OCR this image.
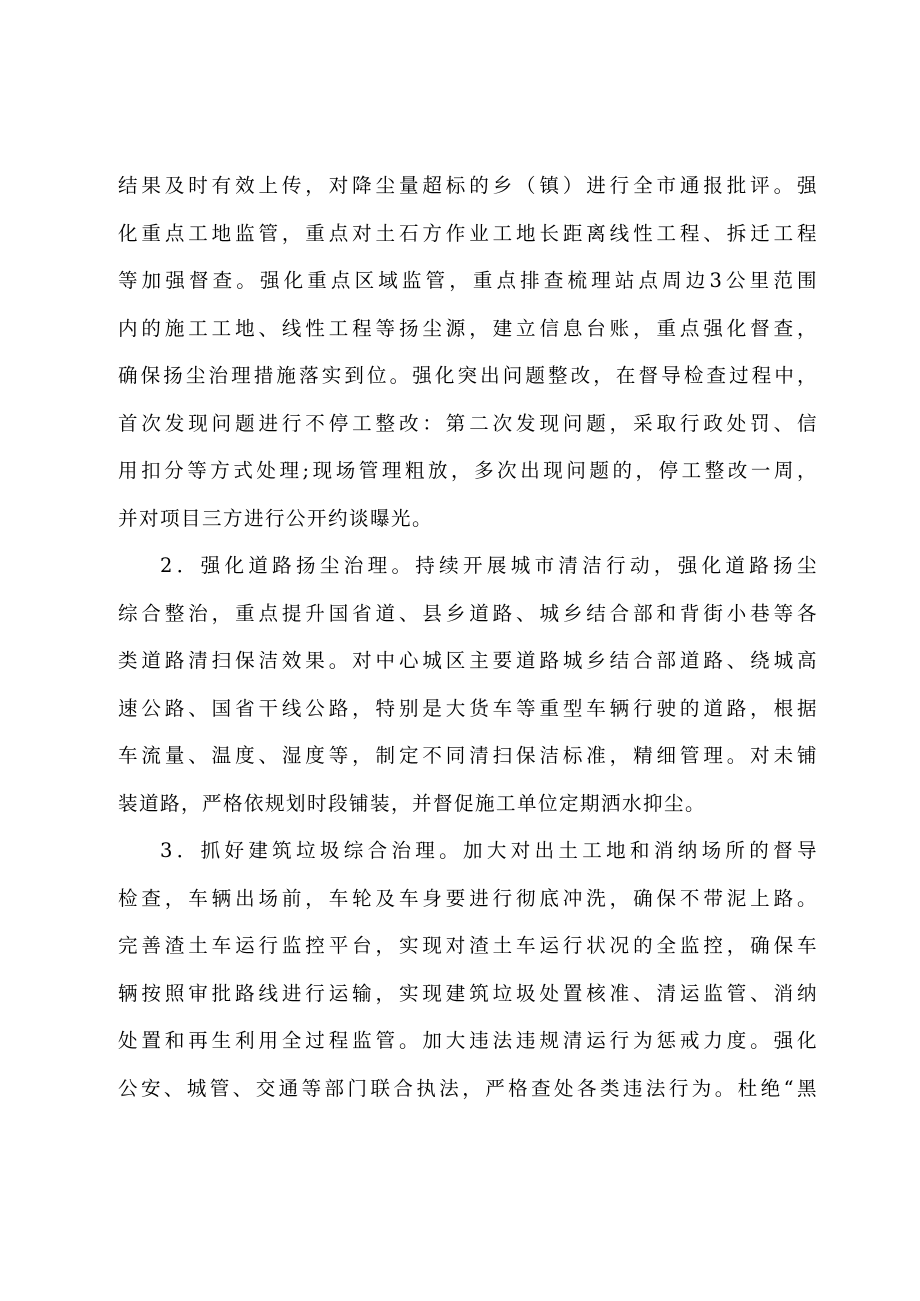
结果及时有效上传，对降尘量超标的乡（镇）进行全市通报批评。强
化重点工地监管，重点对土石方作业工地长距离线性工程、拆迁工程
等加强督查。强化重点区域监管，重点排查梳理站点周边3公里范围
内的施工工地、线性工程等扬尘源，建立信息台账，重点强化督查，
确保扬尘治理措施落实到位。强化突出问题整改，在督导检查过程中，
首次发现问题进行不停工整改：第二次发现问题，采取行政处罚、信
用扣分等方式处理;现场管理粗放，多次出现问题的，停工整改一周，
并对项目三方进行公开约谈曝光。
2．强化道路扬尘治理。持续开展城市清洁行动，强化道路扬尘
综合整治，重点提升国省道、县乡道路、城乡结合部和背街小巷等各
类道路清扫保洁效果。对中心城区主要道路城乡结合部道路、绕城高
速公路、国省干线公路，特别是大货车等重型车辆行驶的道路，根据
车流量、温度、湿度等，制定不同清扫保洁标准，精细管理。对未铺
装道路，严格依规划时段铺装，并督促施工单位定期洒水抑尘。
3．抓好建筑垃圾综合治理。加大对出土工地和消纳场所的督导
检查，车辆出场前，车轮及车身要进行彻底冲洗，确保不带泥上路。
完善渣土车运行监控平台，实现对渣土车运行状况的全监控，确保车
辆按照审批路线进行运输，实现建筑垃圾处置核准、清运监管、消纳
处置和再生利用全过程监管。加大违法违规清运行为惩戒力度。强化
公安、城管、交通等部门联合执法，严格查处各类违法行为。杜绝“黑
